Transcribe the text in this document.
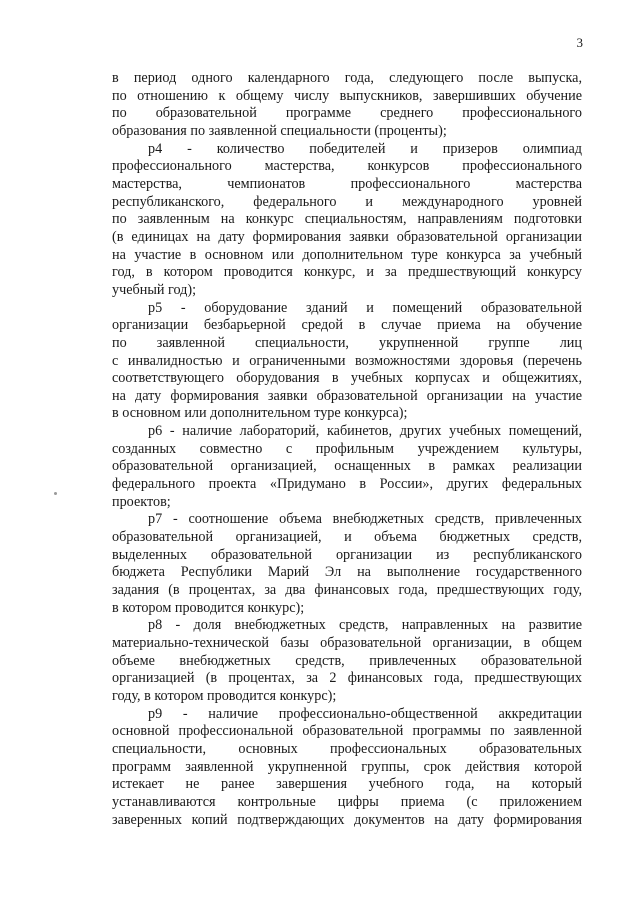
3
в период одного календарного года, следующего после выпуска,
по отношению к общему числу выпускников, завершивших обучение
по образовательной программе среднего профессионального
образования по заявленной специальности (проценты);
р4 - количество победителей и призеров олимпиад
профессионального мастерства, конкурсов профессионального
мастерства, чемпионатов профессионального мастерства
республиканского, федерального и международного уровней
по заявленным на конкурс специальностям, направлениям подготовки
(в единицах на дату формирования заявки образовательной организации
на участие в основном или дополнительном туре конкурса за учебный
год, в котором проводится конкурс, и за предшествующий конкурсу
учебный год);
р5 - оборудование зданий и помещений образовательной
организации безбарьерной средой в случае приема на обучение
по заявленной специальности, укрупненной группе лиц
с инвалидностью и ограниченными возможностями здоровья (перечень
соответствующего оборудования в учебных корпусах и общежитиях,
на дату формирования заявки образовательной организации на участие
в основном или дополнительном туре конкурса);
р6 - наличие лабораторий, кабинетов, других учебных помещений,
созданных совместно с профильным учреждением культуры,
образовательной организацией, оснащенных в рамках реализации
федерального проекта «Придумано в России», других федеральных
проектов;
р7 - соотношение объема внебюджетных средств, привлеченных
образовательной организацией, и объема бюджетных средств,
выделенных образовательной организации из республиканского
бюджета Республики Марий Эл на выполнение государственного
задания (в процентах, за два финансовых года, предшествующих году,
в котором проводится конкурс);
р8 - доля внебюджетных средств, направленных на развитие
материально-технической базы образовательной организации, в общем
объеме внебюджетных средств, привлеченных образовательной
организацией (в процентах, за 2 финансовых года, предшествующих
году, в котором проводится конкурс);
р9 - наличие профессионально-общественной аккредитации
основной профессиональной образовательной программы по заявленной
специальности, основных профессиональных образовательных
программ заявленной укрупненной группы, срок действия которой
истекает не ранее завершения учебного года, на который
устанавливаются контрольные цифры приема (с приложением
заверенных копий подтверждающих документов на дату формирования
